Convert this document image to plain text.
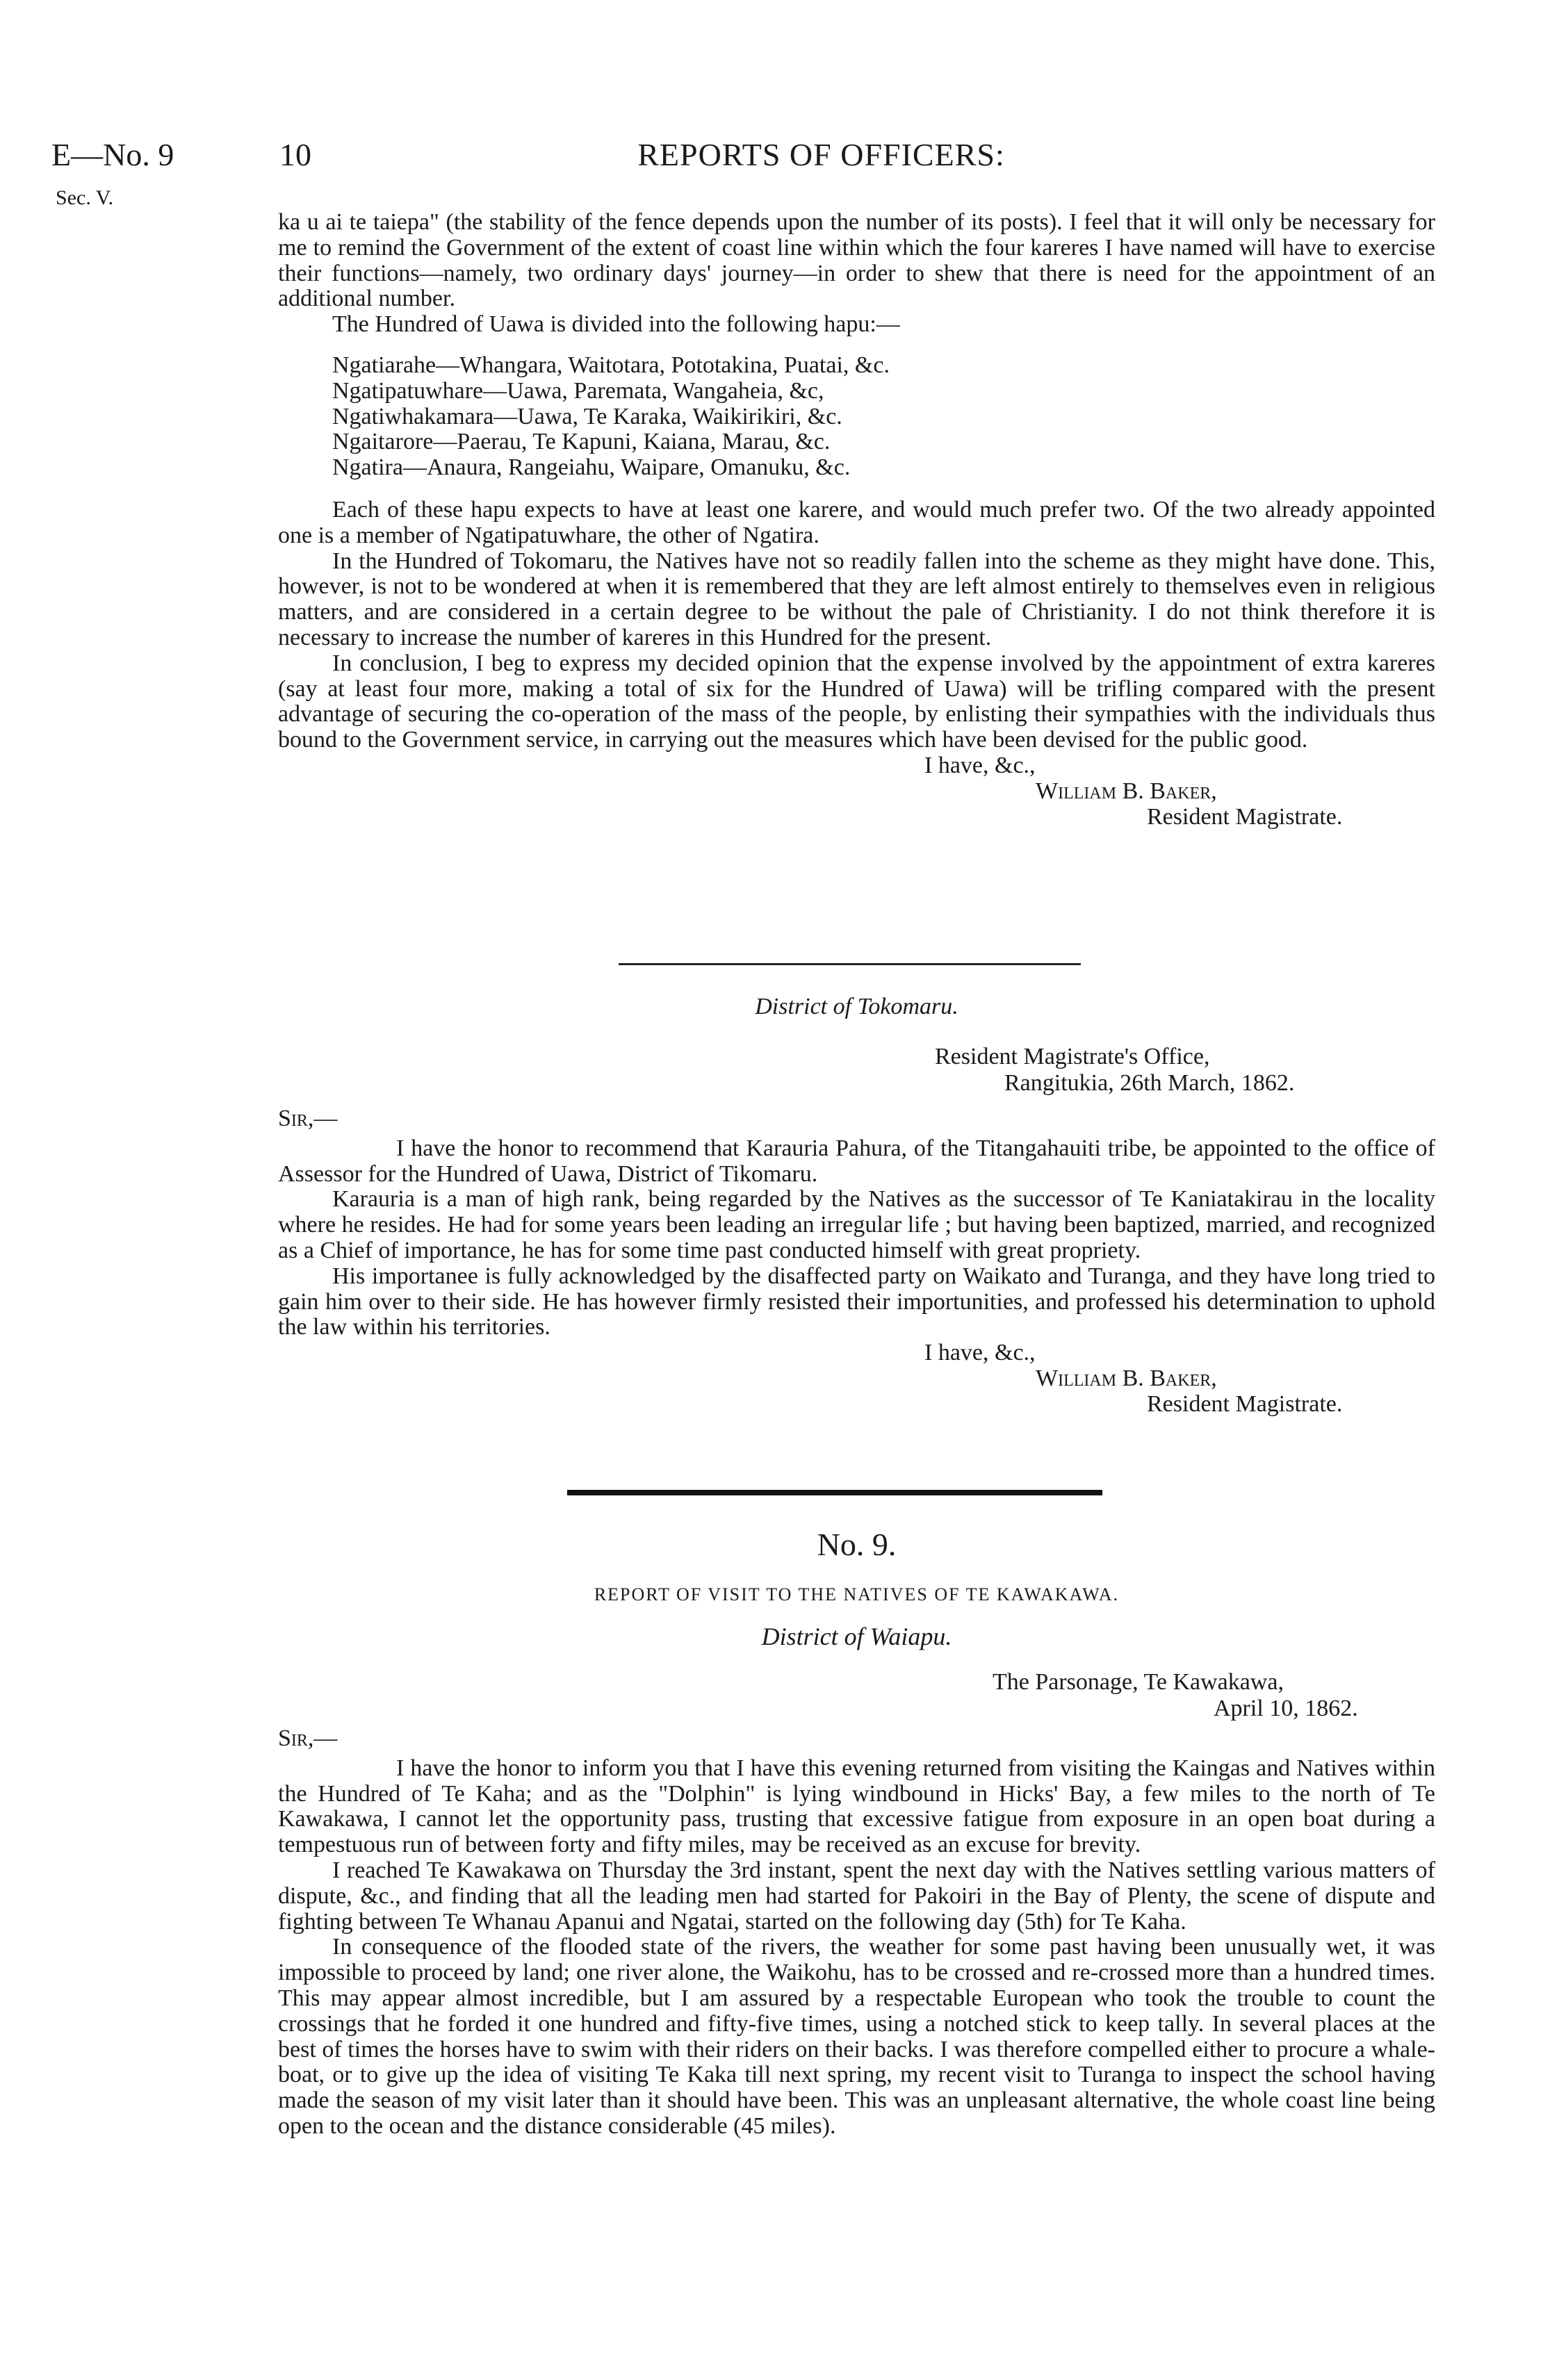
E—No. 9
Sec. V.
10	REPORTS OF OFFICERS:

ka u ai te taiepa" (the stability of the fence depends upon the number of its posts). I feel that it will only be necessary for me to remind the Government of the extent of coast line within which the four kareres I have named will have to exercise their functions—namely, two ordinary days' journey—in order to shew that there is need for the appointment of an additional number.

The Hundred of Uawa is divided into the following hapu:—

Ngatiarahe—Whangara, Waitotara, Pototakina, Puatai, &c.
Ngatipatuwhare—Uawa, Paremata, Wangaheia, &c,
Ngatiwhakamara—Uawa, Te Karaka, Waikirikiri, &c.
Ngaitarore—Paerau, Te Kapuni, Kaiana, Marau, &c.
Ngatira—Anaura, Rangeiahu, Waipare, Omanuku, &c.

Each of these hapu expects to have at least one karere, and would much prefer two. Of the two already appointed one is a member of Ngatipatuwhare, the other of Ngatira.

In the Hundred of Tokomaru, the Natives have not so readily fallen into the scheme as they might have done. This, however, is not to be wondered at when it is remembered that they are left almost entirely to themselves even in religious matters, and are considered in a certain degree to be without the pale of Christianity. I do not think therefore it is necessary to increase the number of kareres in this Hundred for the present.

In conclusion, I beg to express my decided opinion that the expense involved by the appointment of extra kareres (say at least four more, making a total of six for the Hundred of Uawa) will be trifling compared with the present advantage of securing the co-operation of the mass of the people, by enlisting their sympathies with the individuals thus bound to the Government service, in carrying out the measures which have been devised for the public good.

I have, &c.,
William B. Baker,
Resident Magistrate.
District of Tokomaru.
Resident Magistrate's Office,
Rangitukia, 26th March, 1862.
Sir,—

I have the honor to recommend that Karauria Pahura, of the Titangahauiti tribe, be appointed to the office of Assessor for the Hundred of Uawa, District of Tikomaru.

Karauria is a man of high rank, being regarded by the Natives as the successor of Te Kaniatakirau in the locality where he resides. He had for some years been leading an irregular life ; but having been baptized, married, and recognized as a Chief of importance, he has for some time past conducted himself with great propriety.

His importanee is fully acknowledged by the disaffected party on Waikato and Turanga, and they have long tried to gain him over to their side. He has however firmly resisted their importunities, and professed his determination to uphold the law within his territories.

I have, &c.,
William B. Baker,
Resident Magistrate.
No. 9.
REPORT OF VISIT TO THE NATIVES OF TE KAWAKAWA.
District of Waiapu.
The Parsonage, Te Kawakawa,
April 10, 1862.
Sir,—

I have the honor to inform you that I have this evening returned from visiting the Kaingas and Natives within the Hundred of Te Kaha; and as the "Dolphin" is lying windbound in Hicks' Bay, a few miles to the north of Te Kawakawa, I cannot let the opportunity pass, trusting that excessive fatigue from exposure in an open boat during a tempestuous run of between forty and fifty miles, may be received as an excuse for brevity.

I reached Te Kawakawa on Thursday the 3rd instant, spent the next day with the Natives settling various matters of dispute, &c., and finding that all the leading men had started for Pakoiri in the Bay of Plenty, the scene of dispute and fighting between Te Whanau Apanui and Ngatai, started on the following day (5th) for Te Kaha.

In consequence of the flooded state of the rivers, the weather for some past having been unusually wet, it was impossible to proceed by land; one river alone, the Waikohu, has to be crossed and re-crossed more than a hundred times. This may appear almost incredible, but I am assured by a respectable European who took the trouble to count the crossings that he forded it one hundred and fifty-five times, using a notched stick to keep tally. In several places at the best of times the horses have to swim with their riders on their backs. I was therefore compelled either to procure a whale-boat, or to give up the idea of visiting Te Kaka till next spring, my recent visit to Turanga to inspect the school having made the season of my visit later than it should have been. This was an unpleasant alternative, the whole coast line being open to the ocean and the distance considerable (45 miles).
